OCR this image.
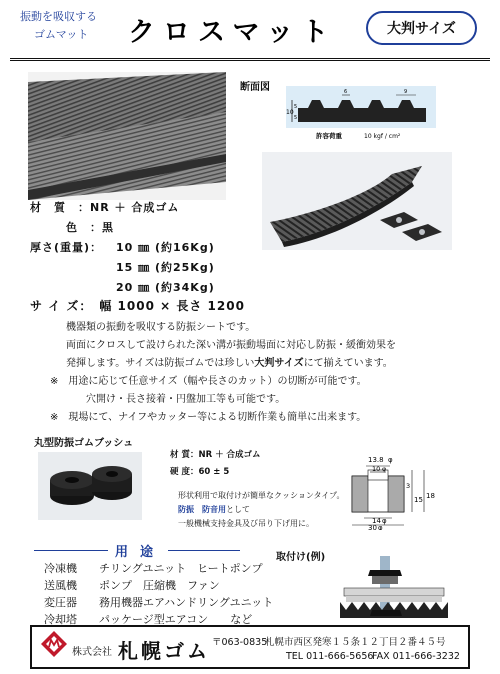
振動を吸収する
ゴムマット クロスマット	大判サイズ
断面図
10
5
5
6	9
許容荷重	10 kgf / cm²
材　質　：NR ＋ 合成ゴム
色　：黒
厚さ(重量)： 10 ㎜ (約16Kg)
15 ㎜ (約25Kg)
20 ㎜ (約34Kg)
サ イ ズ：　幅 1000 × 長さ 1200
機器類の振動を吸収する防振シートです。
両面にクロスして設けられた深い溝が振動場面に対応し防振・緩衝効果を
発揮します。サイズは防振ゴムでは珍しい大判サイズにて揃えています。
※　用途に応じて任意サイズ（幅や長さのカット）の切断が可能です。
穴開け・長さ接着・円盤加工等も可能です。
※　現場にて、ナイフやカッター等による切断作業も簡単に出来ます。
丸型防振ゴムブッシュ
材 質：NR ＋ 合成ゴム
硬 度：60 ± 5
形状利用で取付けが簡単なクッションタイプ。
防振　防音用として
一般機械支持金具及び吊り下げ用に。
13.8 φ
10 φ
3
15 18
14 φ
30 φ
用途
冷凍機　　 チリングユニット　ヒートポンプ
送風機　　 ポンプ　圧縮機　ファン
変圧器　　 務用機器エアハンドリングユニット
冷却塔　　 パッケージ型エアコン　　など
取付け(例)
株式会社 札幌ゴム 〒063-0835
札幌市西区発寒１５条１２丁目２番４５号
TEL 011-666-5656
FAX 011-666-3232
